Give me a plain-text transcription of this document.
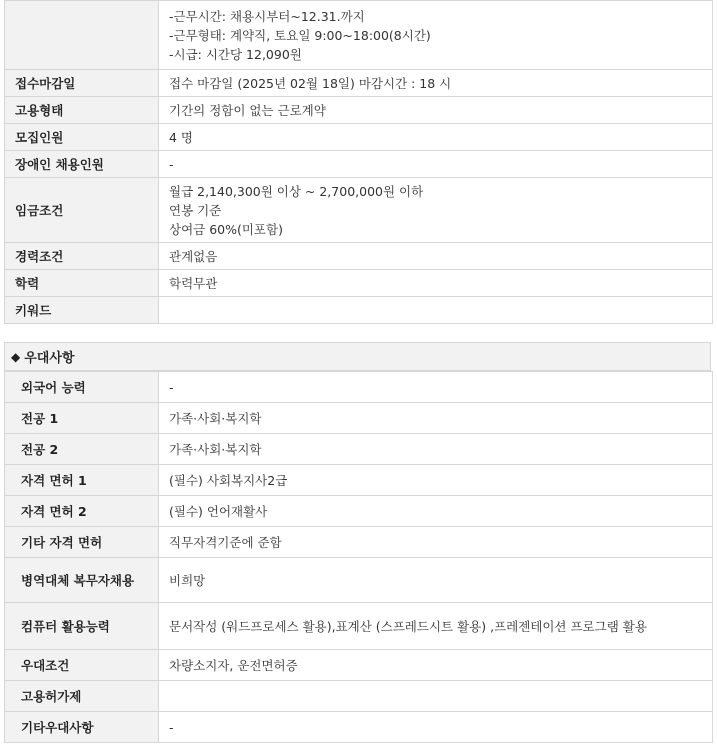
	-근무시간: 채용시부터~12.31.까지
-근무형태: 계약직, 토요일 9:00~18:00(8시간)
-시급: 시간당 12,090원

접수마감일	접수 마감일 (2025년 02월 18일) 마감시간 : 18 시
고용형태	기간의 정함이 없는 근로계약
모집인원	4 명
장애인 채용인원	-
임금조건	월급 2,140,300원 이상 ~ 2,700,000원 이하
연봉 기준
상여금 60%(미포함)

경력조건	관계없음
학력	학력무관
키워드	
◆ 우대사항
외국어 능력	-
전공 1	가족·사회·복지학
전공 2	가족·사회·복지학
자격 면허 1	(필수) 사회복지사2급
자격 면허 2	(필수) 언어재활사
기타 자격 면허	직무자격기준에 준함
병역대체 복무자채용	비희망
컴퓨터 활용능력	문서작성 (워드프로세스 활용),표계산 (스프레드시트 활용) ,프레젠테이션 프로그램 활용
우대조건	차량소지자, 운전면허증
고용허가제	
기타우대사항	-
